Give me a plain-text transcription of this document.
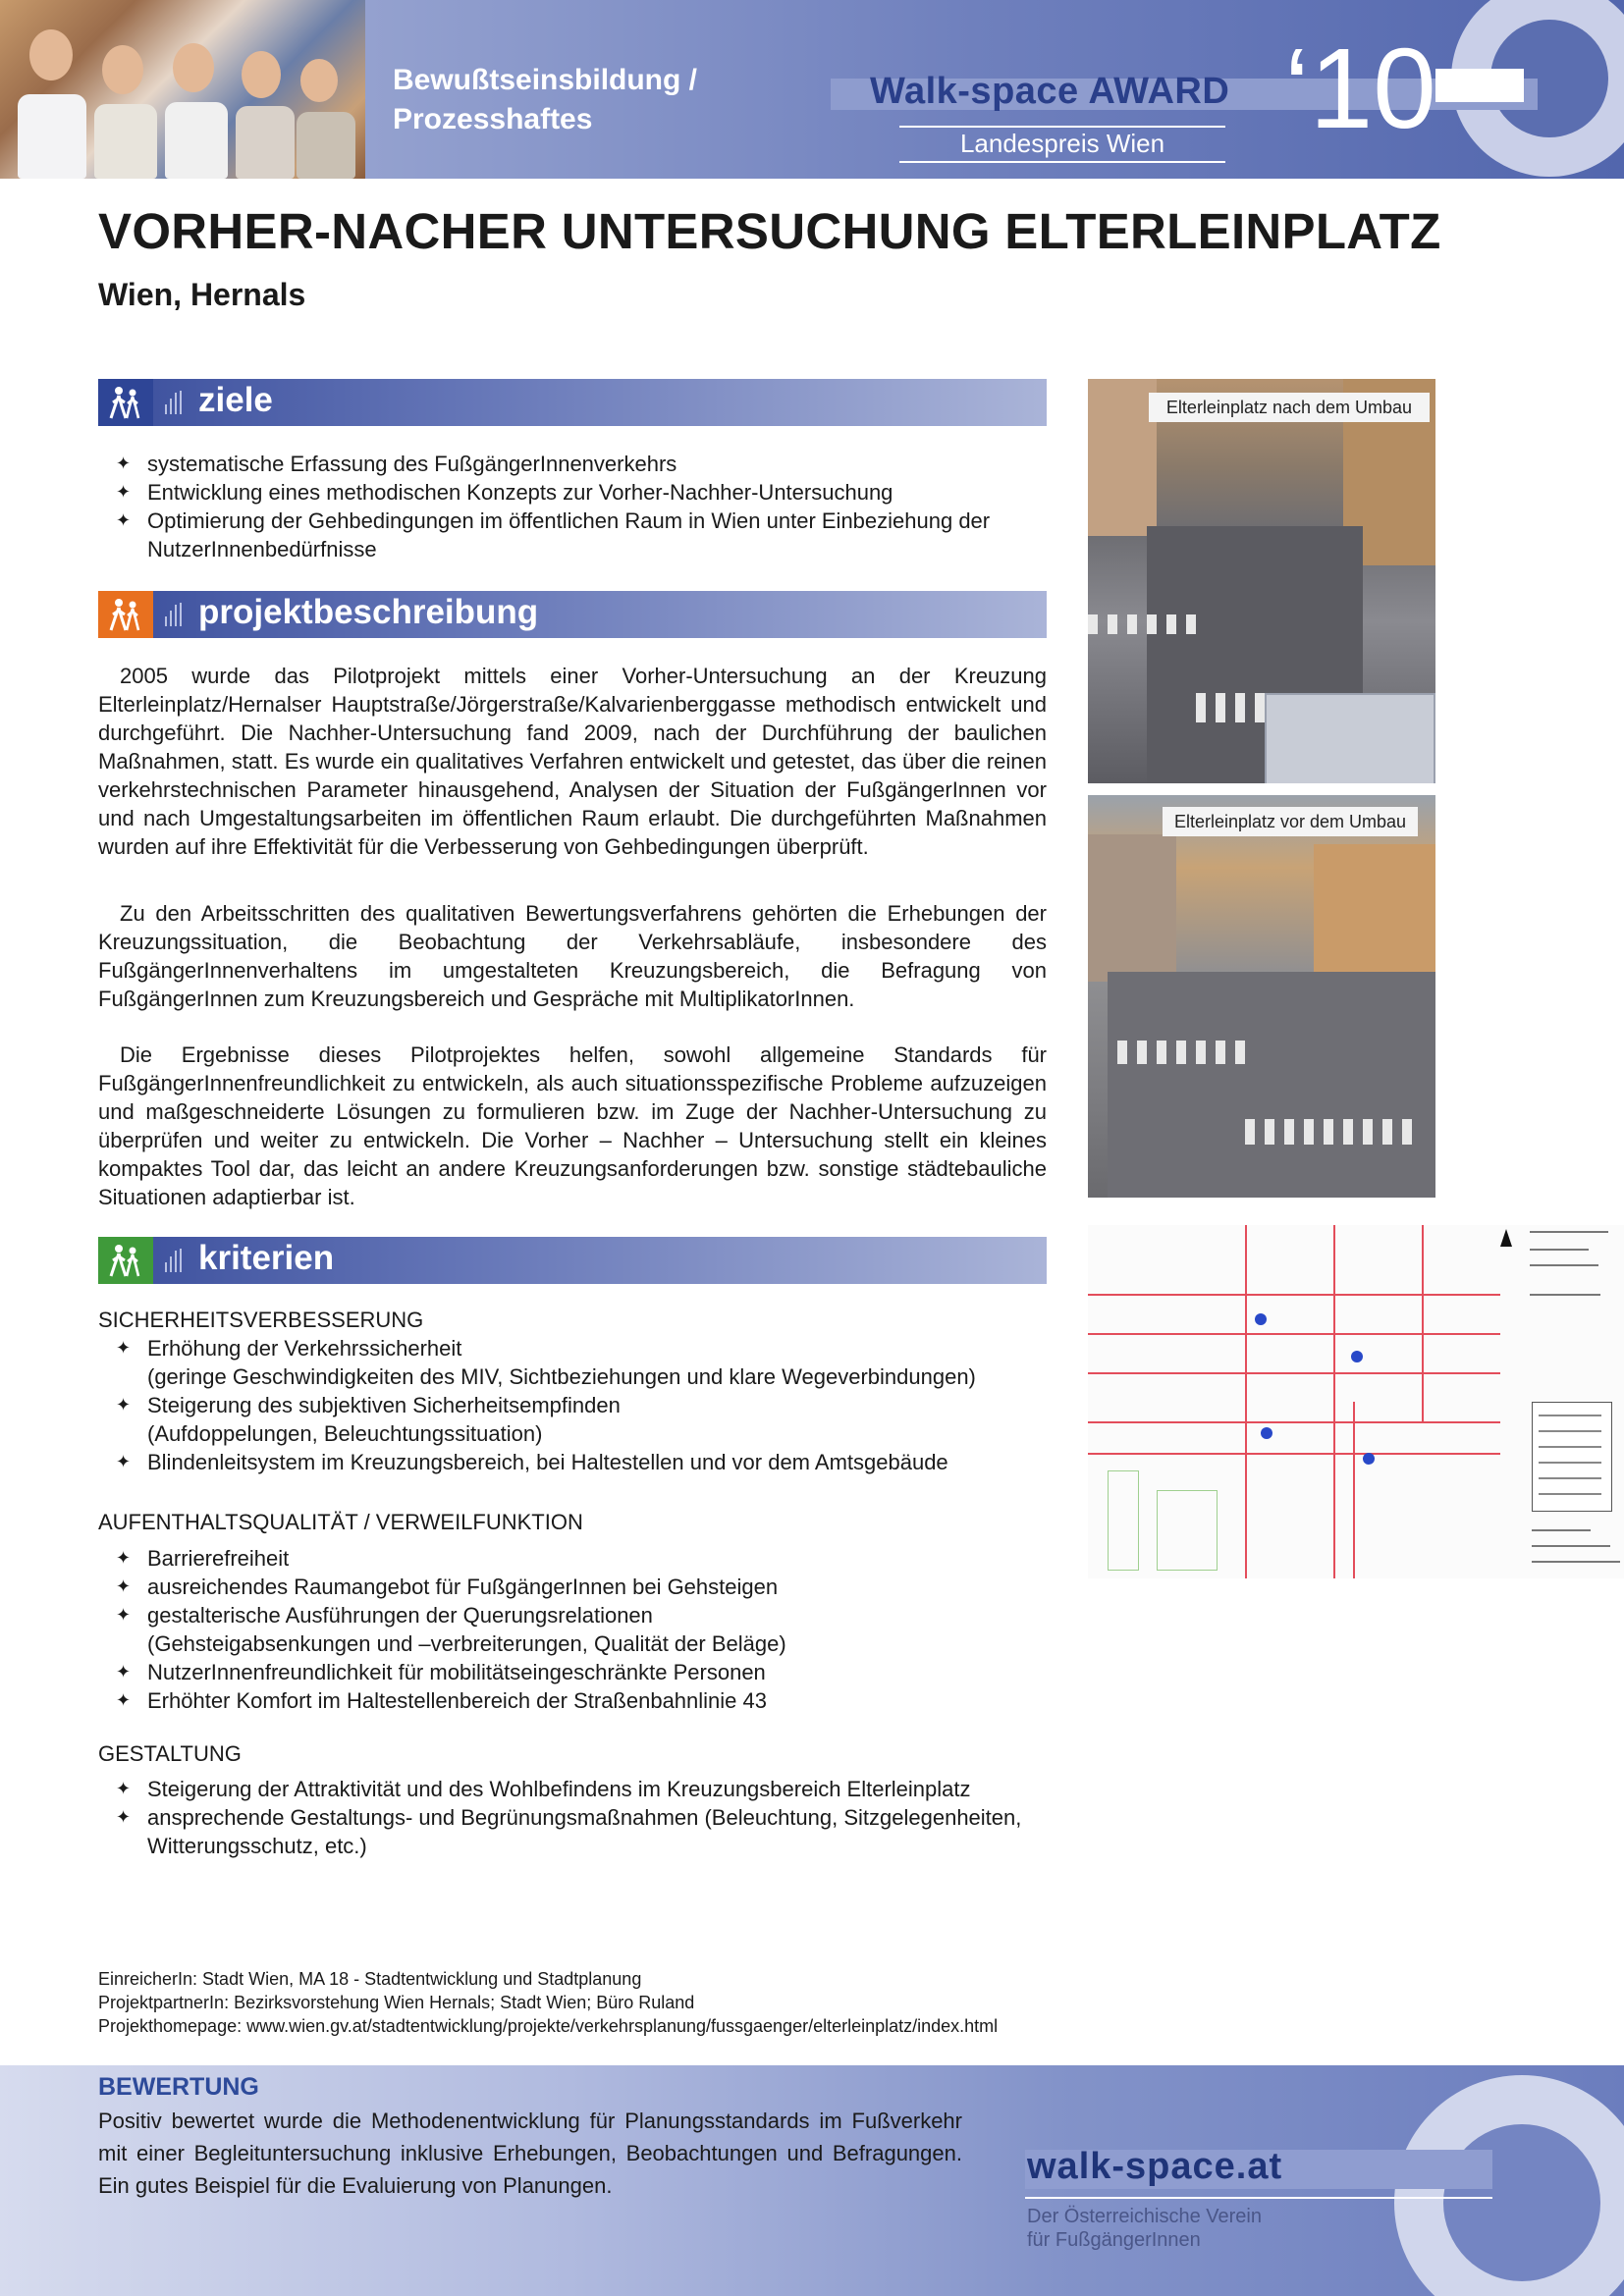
Bewußtseinsbildung /
Prozesshaftes
Walk-space AWARD
Landespreis Wien	‘10
VORHER-NACHER UNTERSUCHUNG ELTERLEINPLATZ
Wien, Hernals
ziele
✦ systematische Erfassung des FußgängerInnenverkehrs
✦ Entwicklung eines methodischen Konzepts zur Vorher-Nachher-Untersuchung
✦ Optimierung der Gehbedingungen im öffentlichen Raum in Wien unter Einbeziehung der NutzerInnenbedürfnisse
projektbeschreibung

2005 wurde das Pilotprojekt mittels einer Vorher-Untersuchung an der Kreuzung Elterleinplatz/Hernalser Hauptstraße/Jörgerstraße/Kalvarienberggasse methodisch entwickelt und durchgeführt. Die Nachher-Untersuchung fand 2009, nach der Durchführung der baulichen Maßnahmen, statt. Es wurde ein qualitatives Verfahren entwickelt und getestet, das über die reinen verkehrstechnischen Parameter hinausgehend, Analysen der Situation der FußgängerInnen vor und nach Umgestaltungsarbeiten im öffentlichen Raum erlaubt. Die durchgeführten Maßnahmen wurden auf ihre Effektivität für die Verbesserung von Gehbedingungen überprüft.

Zu den Arbeitsschritten des qualitativen Bewertungsverfahrens gehörten die Erhebungen der Kreuzungssituation, die Beobachtung der Verkehrsabläufe, insbesondere des FußgängerInnenverhaltens im umgestalteten Kreuzungsbereich, die Befragung von FußgängerInnen zum Kreuzungsbereich und Gespräche mit MultiplikatorInnen.

Die Ergebnisse dieses Pilotprojektes helfen, sowohl allgemeine Standards für FußgängerInnenfreundlichkeit zu entwickeln, als auch situationsspezifische Probleme aufzuzeigen und maßgeschneiderte Lösungen zu formulieren bzw. im Zuge der Nachher-Untersuchung zu überprüfen und weiter zu entwickeln. Die Vorher – Nachher – Untersuchung stellt ein kleines kompaktes Tool dar, das leicht an andere Kreuzungsanforderungen bzw. sonstige städtebauliche Situationen adaptierbar ist.

kriterien
SICHERHEITSVERBESSERUNG
✦ Erhöhung der Verkehrssicherheit
(geringe Geschwindigkeiten des MIV, Sichtbeziehungen und klare Wegeverbindungen)
✦ Steigerung des subjektiven Sicherheitsempfinden
(Aufdoppelungen, Beleuchtungssituation)
✦ Blindenleitsystem im Kreuzungsbereich, bei Haltestellen und vor dem Amtsgebäude
AUFENTHALTSQUALITÄT / VERWEILFUNKTION
✦ Barrierefreiheit
✦ ausreichendes Raumangebot für FußgängerInnen bei Gehsteigen
✦ gestalterische Ausführungen der Querungsrelationen
(Gehsteigabsenkungen und –verbreiterungen, Qualität der Beläge)
✦ NutzerInnenfreundlichkeit für mobilitätseingeschränkte Personen
✦ Erhöhter Komfort im Haltestellenbereich der Straßenbahnlinie 43
GESTALTUNG
✦ Steigerung der Attraktivität und des Wohlbefindens im Kreuzungsbereich Elterleinplatz
✦ ansprechende Gestaltungs- und Begrünungsmaßnahmen (Beleuchtung, Sitzgelegenheiten, Witterungsschutz, etc.)
Elterleinplatz nach dem Umbau
Elterleinplatz vor dem Umbau
EinreicherIn: Stadt Wien, MA 18 - Stadtentwicklung und Stadtplanung
ProjektpartnerIn: Bezirksvorstehung Wien Hernals; Stadt Wien; Büro Ruland
Projekthomepage: www.wien.gv.at/stadtentwicklung/projekte/verkehrsplanung/fussgaenger/elterleinplatz/index.html
BEWERTUNG

Positiv bewertet wurde die Methodenentwicklung für Planungsstandards im Fußverkehr mit einer Begleituntersuchung inklusive Erhebungen, Beobachtungen und Befragungen. Ein gutes Beispiel für die Evaluierung von Planungen.	walk-space.at
Der Österreichische Verein
für FußgängerInnen
